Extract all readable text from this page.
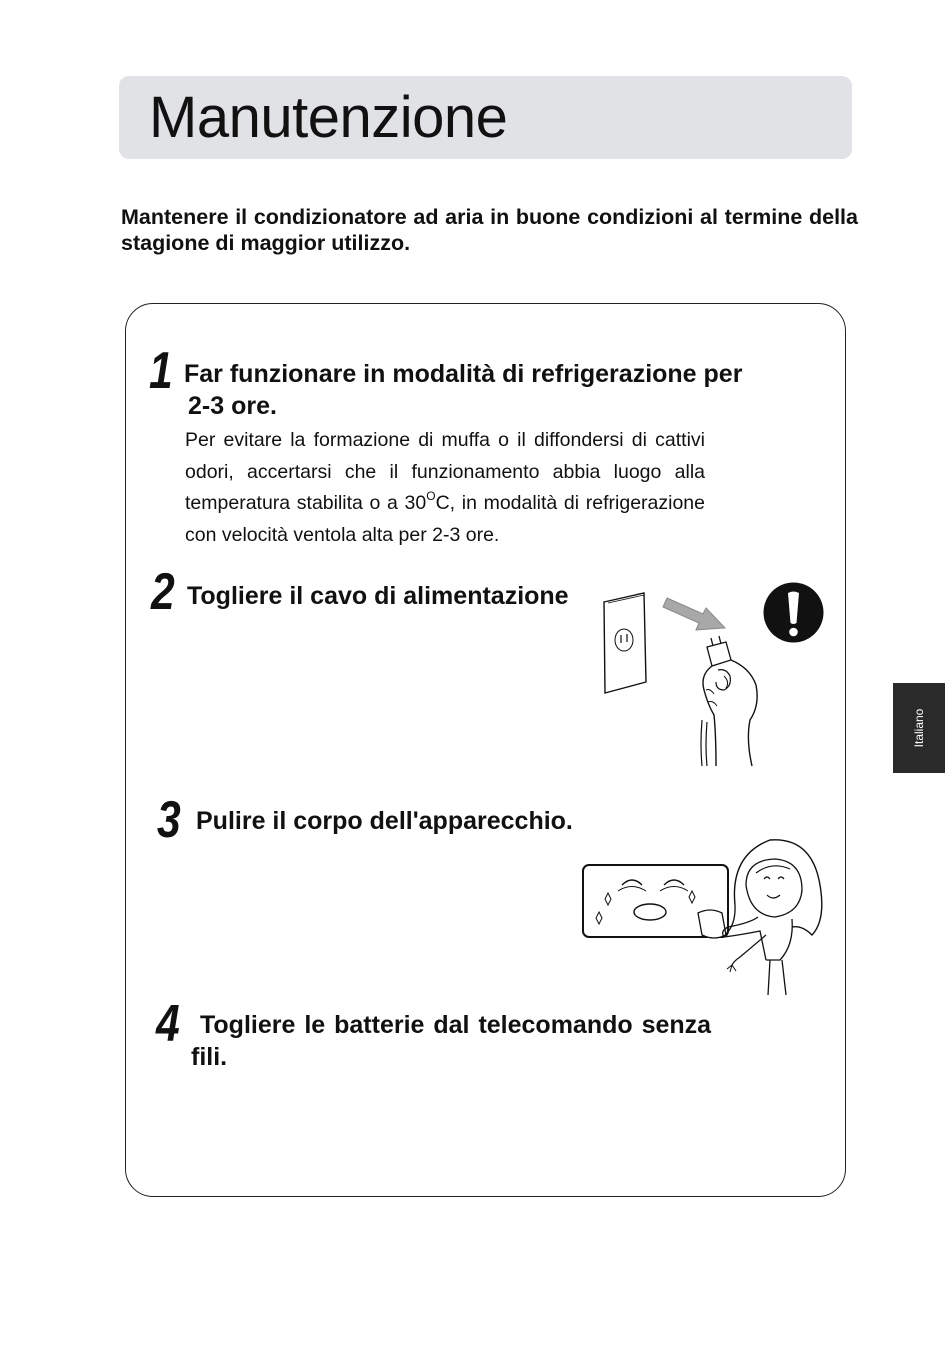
Manutenzione
Mantenere il condizionatore ad aria in buone condizioni al termine della stagione di maggior utilizzo.
1 Far funzionare in modalità di refrigerazione per
2-3 ore.
Per evitare la formazione di muffa o il diffondersi di cattivi odori, accertarsi che il funzionamento abbia luogo alla temperatura stabilita o a $30^OC$, in modalità di refrigerazione con velocità ventola alta per 2-3 ore.
2 Togliere il cavo di alimentazione
3 Pulire il corpo dell'apparecchio.
4 Togliere le batterie dal telecomando senza
fili.
Italiano
